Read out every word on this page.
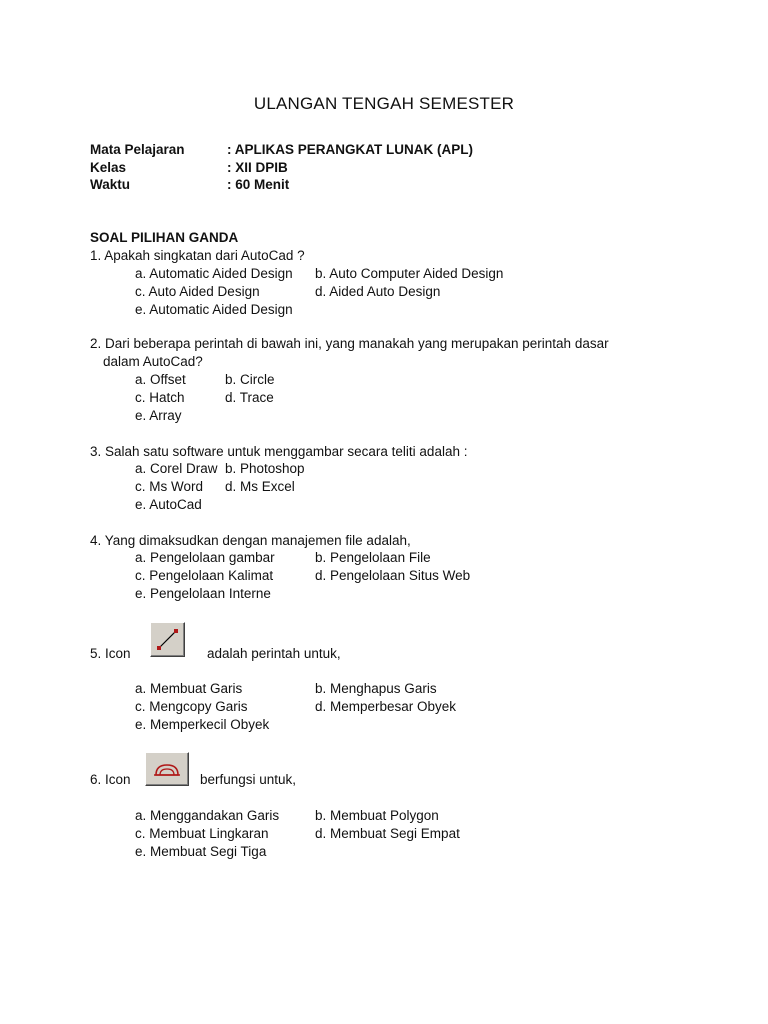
ULANGAN TENGAH SEMESTER
Mata Pelajaran	: APLIKAS PERANGKAT LUNAK (APL)
Kelas	: XII DPIB
Waktu	: 60 Menit
SOAL PILIHAN GANDA
1. Apakah singkatan dari AutoCad ?
a. Automatic Aided Design b. Auto Computer Aided Design
c. Auto Aided Design	d. Aided Auto Design
e. Automatic Aided Design
2. Dari beberapa perintah di bawah ini, yang manakah yang merupakan perintah dasar
dalam AutoCad?
a. Offset	b. Circle
c. Hatch	d. Trace
e. Array
3. Salah satu software untuk menggambar secara teliti adalah :
a. Corel Draw b. Photoshop
c. Ms Word d. Ms Excel
e. AutoCad
4. Yang dimaksudkan dengan manajemen file adalah,
a. Pengelolaan gambar	b. Pengelolaan File
c. Pengelolaan Kalimat	d. Pengelolaan Situs Web
e. Pengelolaan Interne
5. Icon	adalah perintah untuk,
a. Membuat Garis	b. Menghapus Garis
c. Mengcopy Garis	d. Memperbesar Obyek
e. Memperkecil Obyek
6. Icon	berfungsi untuk,
a. Menggandakan Garis	b. Membuat Polygon
c. Membuat Lingkaran	d. Membuat Segi Empat
e. Membuat Segi Tiga
